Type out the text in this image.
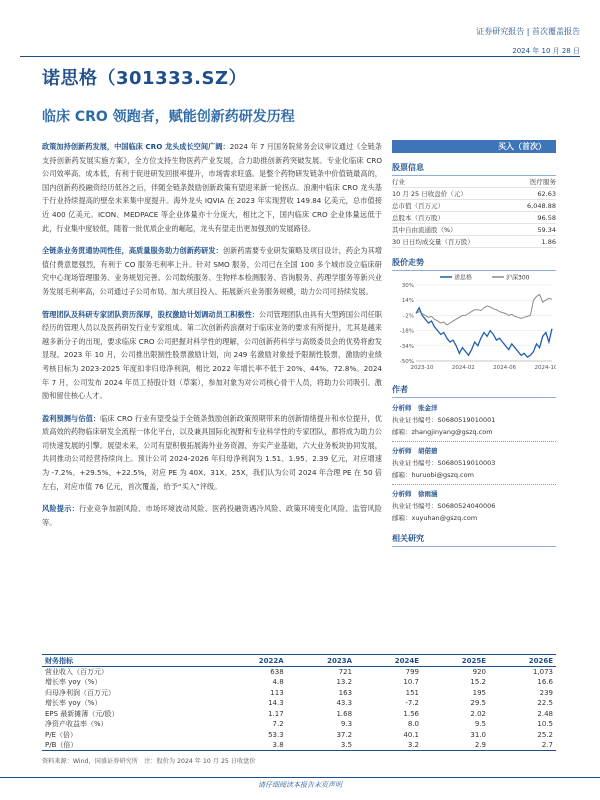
证券研究报告 | 首次覆盖报告
2024 年 10 月 28 日
诺思格（301333.SZ）
临床 CRO 领跑者，赋能创新药研发历程

政策加持创新药发展，中国临床 CRO 龙头成长空间广阔：2024 年 7 月国务院常务会议审议通过《全链条支持创新药发展实施方案》，全方位支持生物医药产业发展，合力助推创新药突破发展。专业化临床 CRO 公司效率高、成本低，有利于促进研发回报率提升，市场需求旺盛。是整个药物研发链条中价值链最高的，国内创新药投融资经历低谷之后，伴随全链条鼓励创新政策有望迎来新一轮拐点。浪潮中临床 CRO 龙头基于行业持续提高的壁垒未来集中度提升。海外龙头 IQVIA 在 2023 年实现营收 149.84 亿美元，总市值接近 400 亿美元。ICON、MEDPACE 等企业体量亦十分庞大，相比之下，国内临床 CRO 企业体量远低于此，行业集中度较低，随着一批优质企业的崛起，龙头有望走出更加强劲的发展路径。

全链条业务贯通协同性佳，高质量服务助力创新药研发：创新药需要专业研发策略及项目设计，药企为其增值付费意愿强烈，有利于 CO 服务毛利率上升。针对 SMO 服务，公司已在全国 100 多个城市设立临床研究中心现场管理服务、业务规划完善。公司数统服务、生物样本检测服务、咨询服务、药理学服务等新兴业务发展毛利率高，公司通过子公司布局、加大项目投入、拓展新兴业务服务规模，助力公司可持续发展。

管理团队及科研专家团队资历深厚，股权激励计划调动员工积极性：公司管理团队由具有大型跨国公司任职经历的管理人员以及医药研发行业专家组成。第二次创新药浪潮对于临床业务的要求有所提升，尤其是越来越多新分子的出现，要求临床 CRO 公司把握对科学性的理解，公司创新药科学与高级委员会的优势将愈发显现。2023 年 10 月，公司推出限制性股票激励计划，向 249 名激励对象授予限制性股票，激励的业绩考核目标为 2023-2025 年度扣非归母净利润，相比 2022 年增长率不低于 20%、44%、72.8%。2024 年 7 月，公司发布 2024 年员工持股计划（草案），参加对象为对公司核心骨干人员，将助力公司吸引、激励和留住核心人才。

盈利预测与估值：临床 CRO 行业有望受益于全链条鼓励创新政策预期带来的创新情绪提升和水位提升，优质高效的药物临床研发全流程一体化平台，以及兼具国际化视野和专业科学性的专家团队，都将成为助力公司快速发展的引擎。展望未来，公司有望积极拓展海外业务资源，夯实产业基础，六大业务板块协同发展，共同推动公司经营持续向上。预计公司 2024-2026 年归母净利润为 1.51、1.95、2.39 亿元，对应增速为 -7.2%、+29.5%、+22.5%，对应 PE 为 40X、31X、25X，我们认为公司 2024 年合理 PE 在 50 倍左右，对应市值 76 亿元，首次覆盖，给予“买入”评级。

风险提示：行业竞争加剧风险、市场环境波动风险、医药投融资遇冷风险、政策环境变化风险、监管风险等。

买入（首次）
股票信息
行业	医疗服务
10 月 25 日收盘价（元）	62.63
总市值（百万元）	6,048.88
总股本（百万股）	96.58
其中自由流通股（%）	59.34
30 日日均成交量（百万股）	1.86
股价走势
诺思格	沪深300
30%
14%
-2%
-18%
-34%
-50%
2023-10	2024-02	2024-06	2024-10
作者
分析师　 张金洋
执业证书编号：S0680519010001
邮箱：zhangjinyang@gszq.com
分析师　 胡偌碧
执业证书编号：S0680519010003
邮箱：huruobi@gszq.com
分析师　 徐雨涵
执业证书编号：S0680524040006
邮箱：xuyuhan@gszq.com
相关研究
财务指标	2022A	2023A	2024E	2025E	2026E
营业收入（百万元）	638	721	799	920	1,073
增长率 yoy（%）	4.8	13.2	10.7	15.2	16.6
归母净利润（百万元）	113	163	151	195	239
增长率 yoy（%）	14.3	43.3	-7.2	29.5	22.5
EPS 最新摊薄（元/股）	1.17	1.68	1.56	2.02	2.48
净资产收益率（%）	7.2	9.3	8.0	9.5	10.5
P/E（倍）	53.3	37.2	40.1	31.0	25.2
P/B（倍）	3.8	3.5	3.2	2.9	2.7
资料来源：Wind，国盛证券研究所　注：股价为 2024 年 10 月 25 日收盘价
请仔细阅读本报告末页声明
